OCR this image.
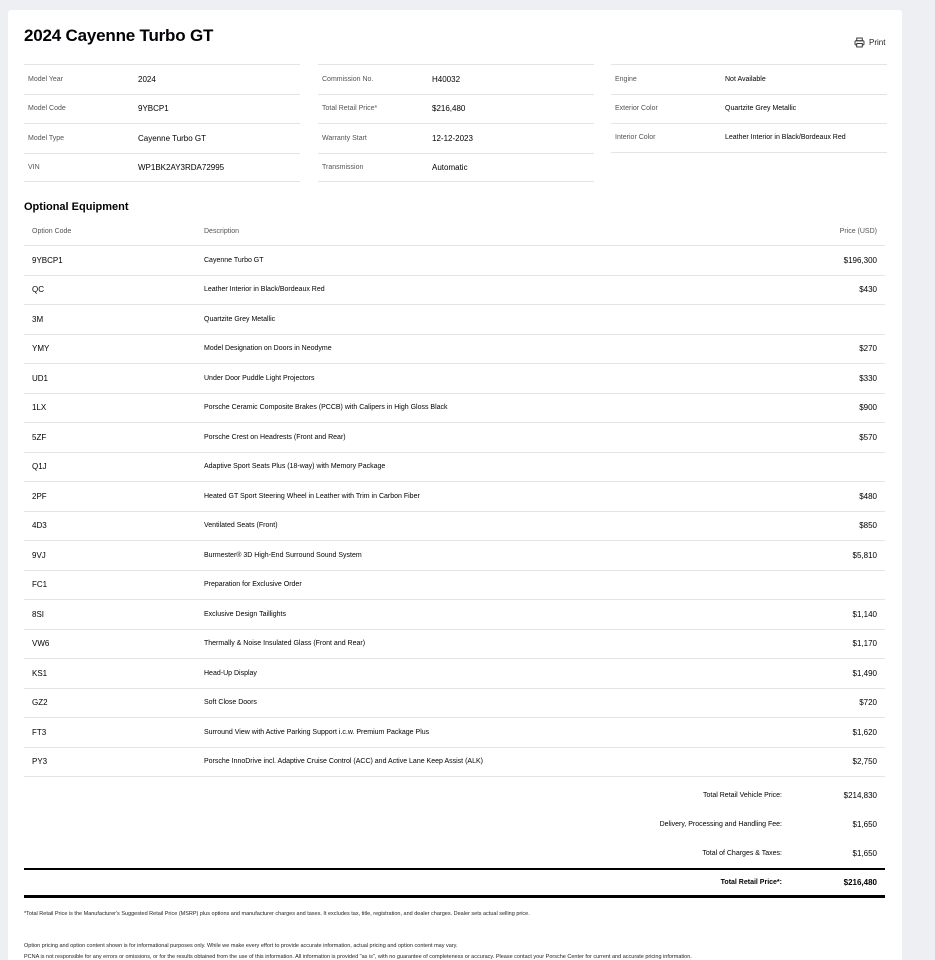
2024 Cayenne Turbo GT	Print
Model Year	2024
Model Code	9YBCP1
Model Type	Cayenne Turbo GT
VIN	WP1BK2AY3RDA72995
Commission No.	H40032
Total Retail Price*	$216,480
Warranty Start	12-12-2023
Transmission	Automatic
Engine	Not Available
Exterior Color	Quartzite Grey Metallic
Interior Color	Leather Interior in Black/Bordeaux Red
Optional Equipment
Option Code	Description	Price (USD)
9YBCP1	Cayenne Turbo GT	$196,300
QC	Leather Interior in Black/Bordeaux Red	$430
3M	Quartzite Grey Metallic
YMY	Model Designation on Doors in Neodyme	$270
UD1	Under Door Puddle Light Projectors	$330
1LX	Porsche Ceramic Composite Brakes (PCCB) with Calipers in High Gloss Black	$900
5ZF	Porsche Crest on Headrests (Front and Rear)	$570
Q1J	Adaptive Sport Seats Plus (18-way) with Memory Package
2PF	Heated GT Sport Steering Wheel in Leather with Trim in Carbon Fiber	$480
4D3	Ventilated Seats (Front)	$850
9VJ	Burmester® 3D High-End Surround Sound System	$5,810
FC1	Preparation for Exclusive Order
8SI	Exclusive Design Taillights	$1,140
VW6	Thermally & Noise Insulated Glass (Front and Rear)	$1,170
KS1	Head-Up Display	$1,490
GZ2	Soft Close Doors	$720
FT3	Surround View with Active Parking Support i.c.w. Premium Package Plus	$1,620
PY3	Porsche InnoDrive incl. Adaptive Cruise Control (ACC) and Active Lane Keep Assist (ALK)	$2,750
Total Retail Vehicle Price:	$214,830
Delivery, Processing and Handling Fee:	$1,650
Total of Charges & Taxes:	$1,650
Total Retail Price*:	$216,480
*Total Retail Price is the Manufacturer's Suggested Retail Price (MSRP) plus options and manufacturer charges and taxes. It excludes tax, title, registration, and dealer charges. Dealer sets actual selling price.
Option pricing and option content shown is for informational purposes only. While we make every effort to provide accurate information, actual pricing and option content may vary.
PCNA is not responsible for any errors or omissions, or for the results obtained from the use of this information. All information is provided "as is", with no guarantee of completeness or accuracy. Please contact your Porsche Center for current and accurate pricing information.
